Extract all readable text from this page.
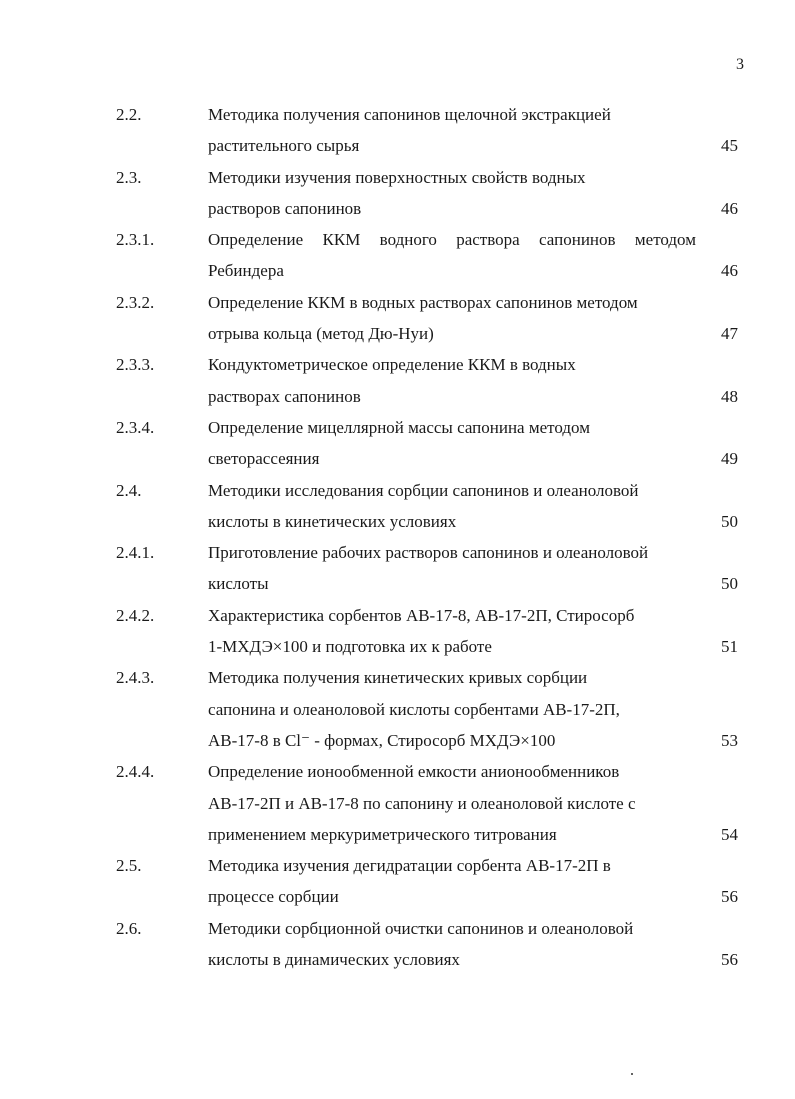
3
2.2.	Методика получения сапонинов щелочной экстракцией
растительного сырья	45
2.3.	Методики изучения поверхностных свойств водных
растворов сапонинов	46
2.3.1.	Определение ККМ водного раствора сапонинов методом
Ребиндера	46
2.3.2.	Определение ККМ в водных растворах сапонинов методом
отрыва кольца (метод Дю-Нуи)	47
2.3.3.	Кондуктометрическое определение ККМ в водных
растворах сапонинов	48
2.3.4.	Определение мицеллярной массы сапонина методом
светорассеяния	49
2.4.	Методики исследования сорбции сапонинов и олеаноловой
кислоты в кинетических условиях	50
2.4.1.	Приготовление рабочих растворов сапонинов и олеаноловой
кислоты	50
2.4.2.	Характеристика сорбентов АВ-17-8, АВ-17-2П, Стиросорб
1-МХДЭ×100 и подготовка их к работе	51
2.4.3.	Методика получения кинетических кривых сорбции
сапонина и олеаноловой кислоты сорбентами АВ-17-2П,
АВ-17-8 в Cl⁻ - формах, Стиросорб МХДЭ×100	53
2.4.4.	Определение ионообменной емкости анионообменников
АВ-17-2П и АВ-17-8 по сапонину и олеаноловой кислоте с
применением меркуриметрического титрования	54
2.5.	Методика изучения дегидратации сорбента АВ-17-2П в
процессе сорбции	56
2.6.	Методики сорбционной очистки сапонинов и олеаноловой
кислоты в динамических условиях	56
